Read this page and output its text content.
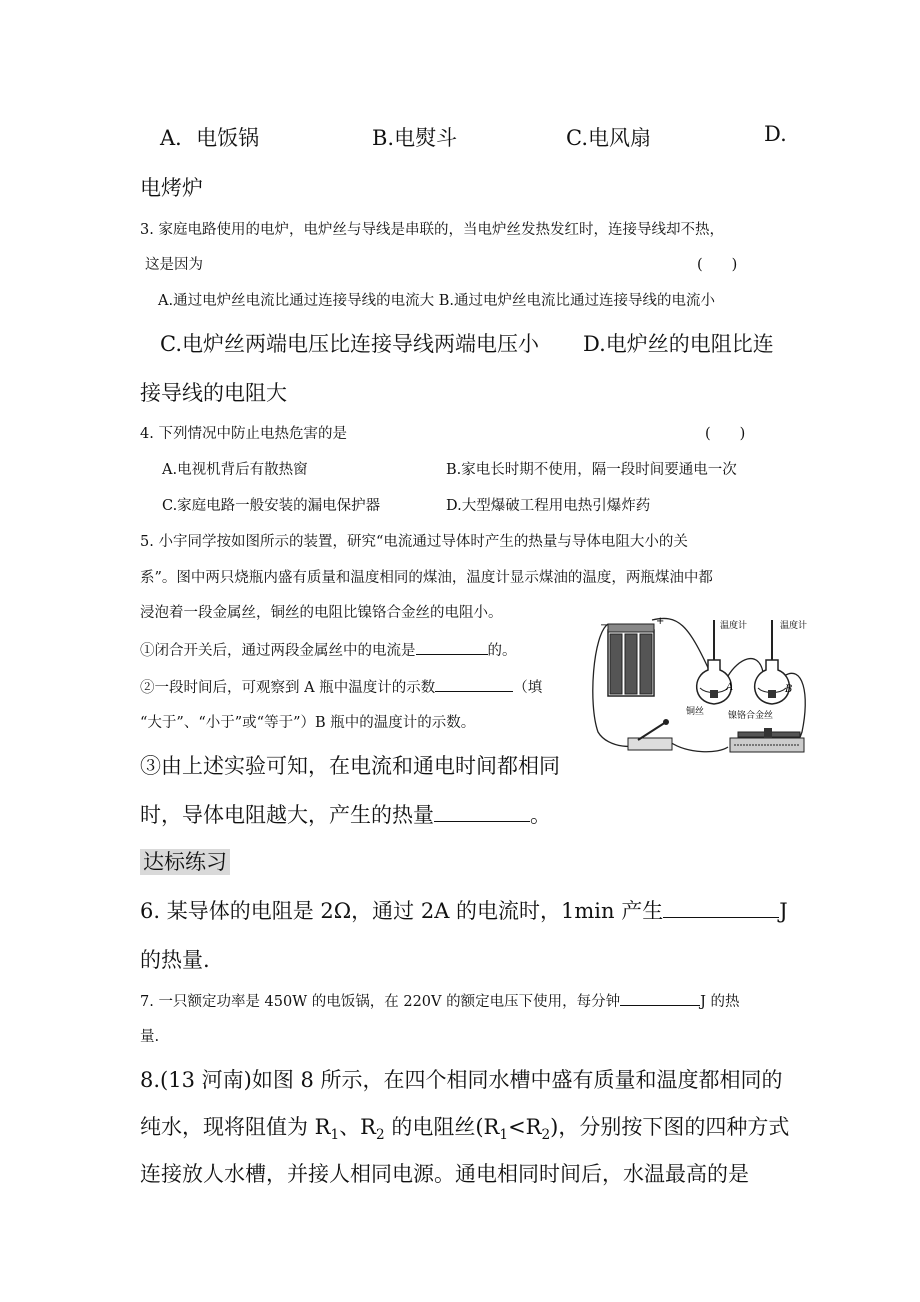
A．电饭锅	B.电熨斗	C.电风扇	D.
电烤炉
3. 家庭电路使用的电炉，电炉丝与导线是串联的，当电炉丝发热发红时，连接导线却不热，
这是因为	(　　)
A.通过电炉丝电流比通过连接导线的电流大 B.通过电炉丝电流比通过连接导线的电流小
C.电炉丝两端电压比连接导线两端电压小 D.电炉丝的电阻比连
接导线的电阻大
4. 下列情况中防止电热危害的是	(　　)
A.电视机背后有散热窗	B.家电长时期不使用，隔一段时间要通电一次
C.家庭电路一般安装的漏电保护器	D.大型爆破工程用电热引爆炸药
5. 小宇同学按如图所示的装置，研究“电流通过导体时产生的热量与导体电阻大小的关
系”。图中两只烧瓶内盛有质量和温度相同的煤油，温度计显示煤油的温度，两瓶煤油中都
浸泡着一段金属丝，铜丝的电阻比镍铬合金丝的电阻小。
①闭合开关后，通过两段金属丝中的电流是	的。
②一段时间后，可观察到 A 瓶中温度计的示数	（填
“大于”、“小于”或“等于”）B 瓶中的温度计的示数。
③由上述实验可知，在电流和通电时间都相同
时，导体电阻越大，产生的热量	。
−	+	温度计
A
铜丝
温度计
B
镍铬合金丝
达标练习
6. 某导体的电阻是 2Ω，通过 2A 的电流时，1min 产生	J
的热量.
7. 一只额定功率是 450W 的电饭锅，在 220V 的额定电压下使用，每分钟	J 的热
量.
8.(13 河南)如图 8 所示，在四个相同水槽中盛有质量和温度都相同的
纯水，现将阻值为 $R_1$、$R_2$ 的电阻丝$(R_1<R_2)$，分别按下图的四种方式
连接放人水槽，并接人相同电源。通电相同时间后，水温最高的是
